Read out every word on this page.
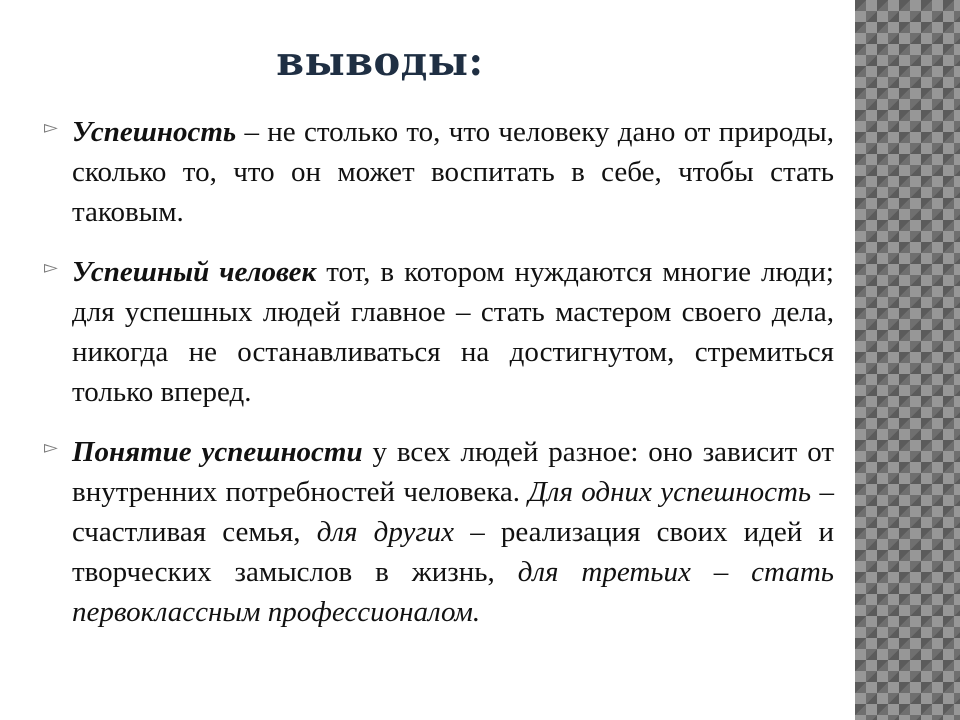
выводы:
▻ Успешность – не столько то, что человеку дано от природы, сколько то, что он может воспитать в себе, чтобы стать таковым.
▻ Успешный человек тот, в котором нуждаются многие люди; для успешных людей главное – стать мастером своего дела, никогда не останавливаться на достигнутом, стремиться только вперед.
▻ Понятие успешности у всех людей разное: оно зависит от внутренних потребностей человека. Для одних успешность – счастливая семья, для других – реализация своих идей и творческих замыслов в жизнь, для третьих – стать первоклассным профессионалом.
